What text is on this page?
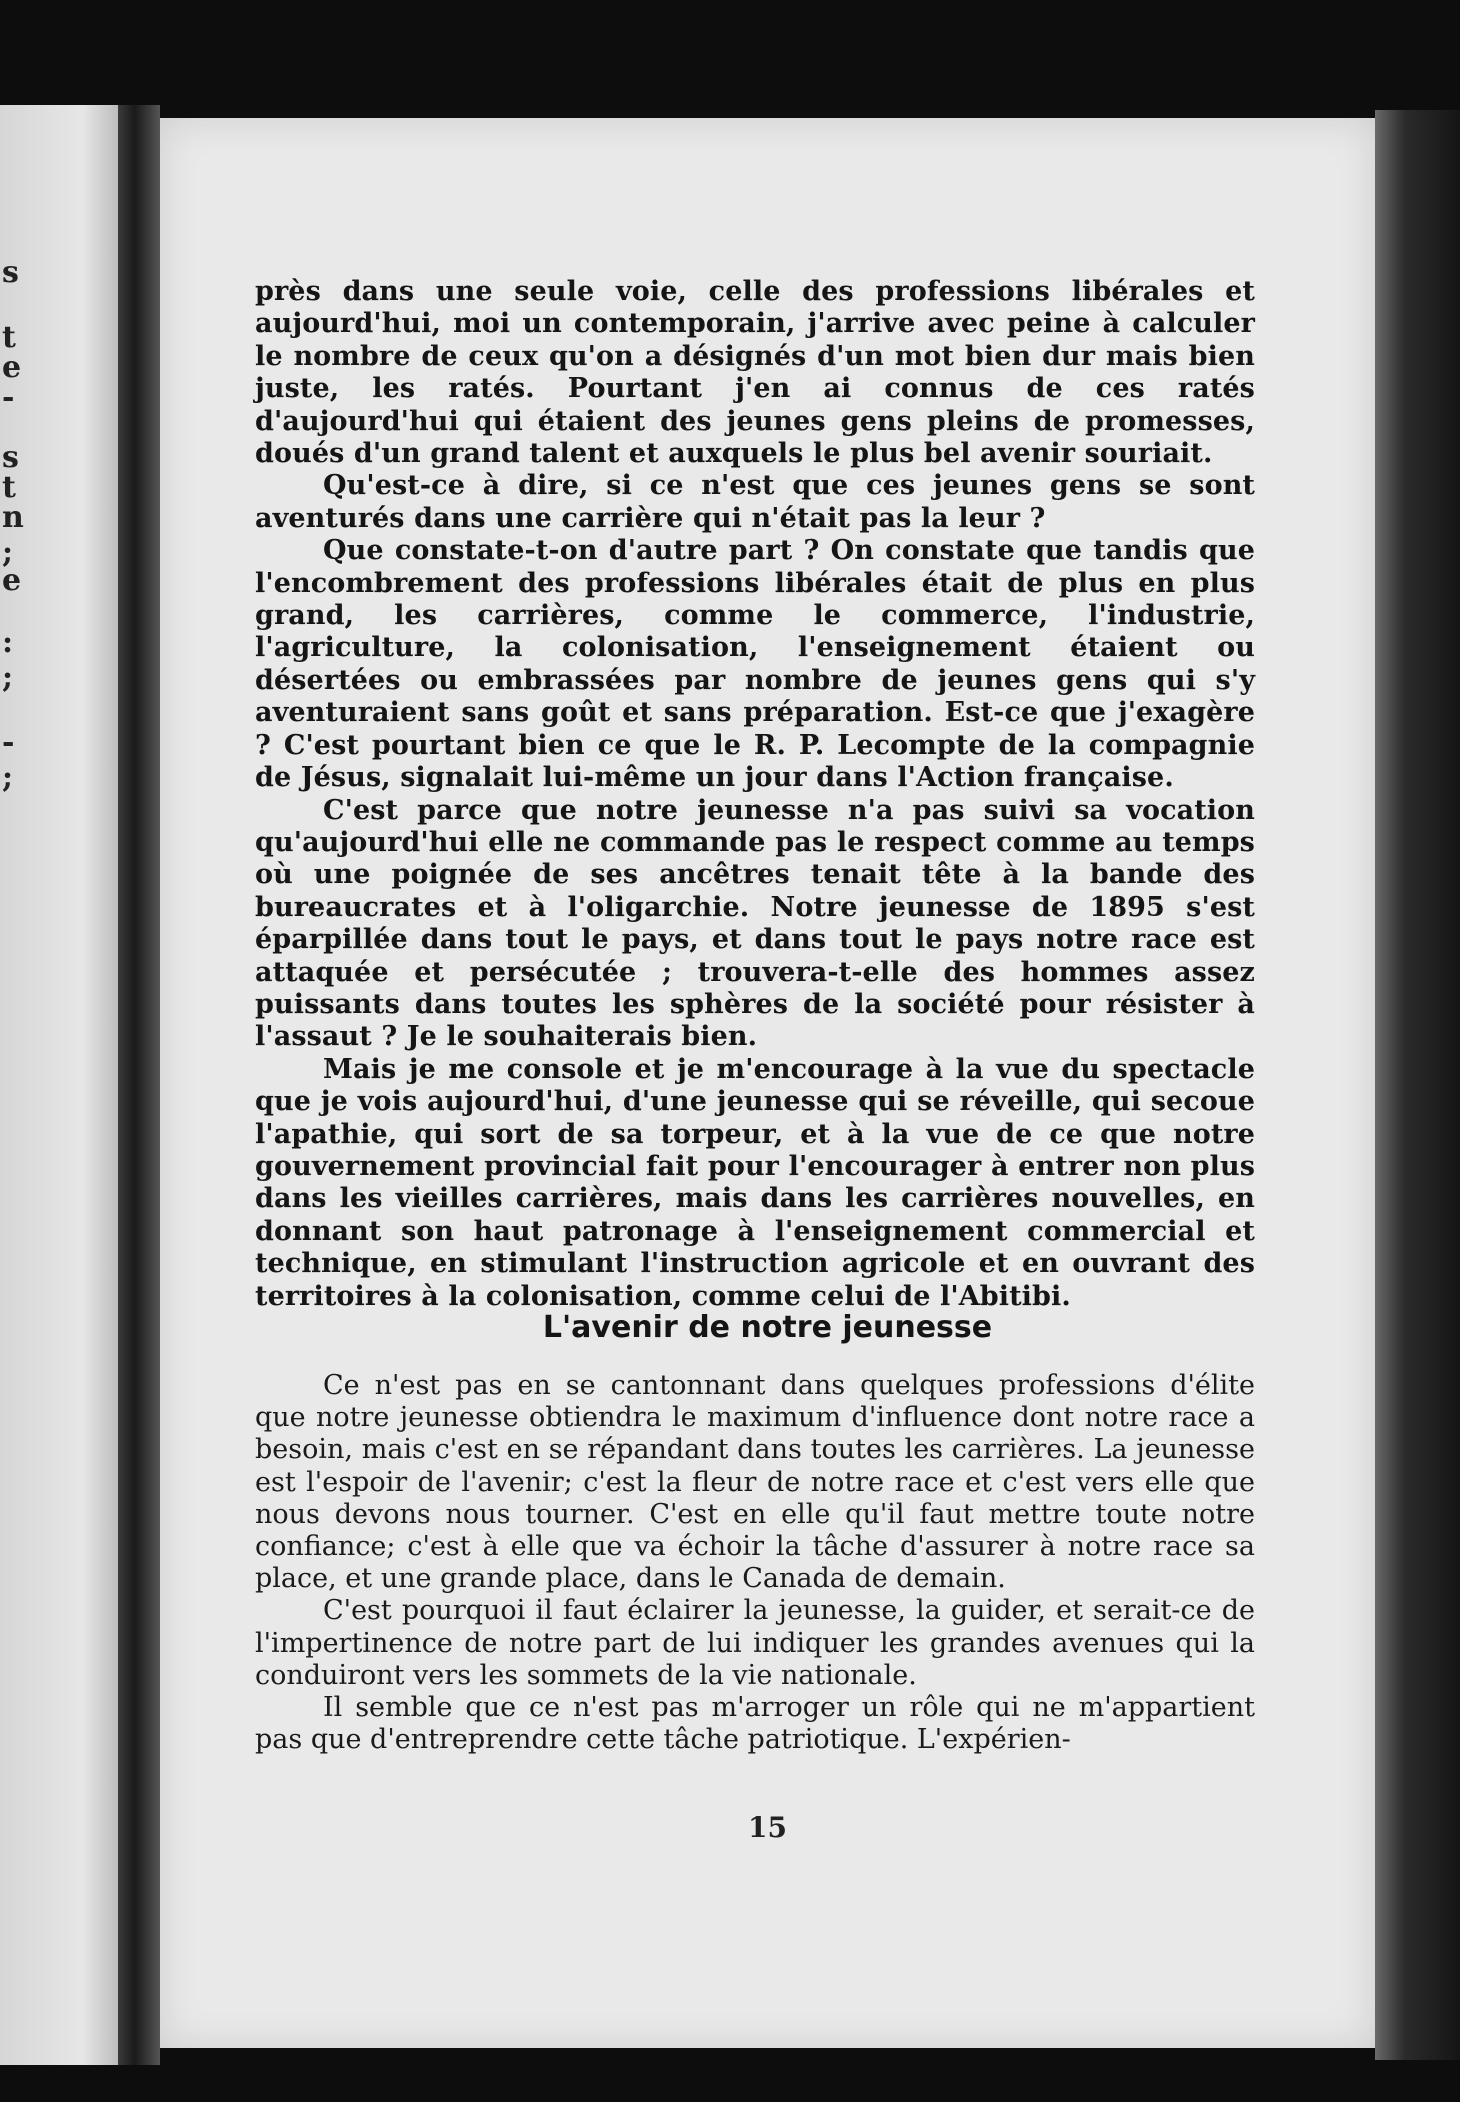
s
t
e
-
s
t
n
;
e
:
;
-
;

près dans une seule voie, celle des professions libérales et aujourd'hui, moi un contemporain, j'arrive avec peine à calculer le nombre de ceux qu'on a désignés d'un mot bien dur mais bien juste, les ratés. Pourtant j'en ai connus de ces ratés d'aujourd'hui qui étaient des jeunes gens pleins de promesses, doués d'un grand talent et auxquels le plus bel avenir souriait.

Qu'est-ce à dire, si ce n'est que ces jeunes gens se sont aventurés dans une carrière qui n'était pas la leur ?

Que constate-t-on d'autre part ? On constate que tandis que l'encombrement des professions libérales était de plus en plus grand, les carrières, comme le commerce, l'industrie, l'agriculture, la colonisation, l'enseignement étaient ou désertées ou embrassées par nombre de jeunes gens qui s'y aventuraient sans goût et sans préparation. Est-ce que j'exagère ? C'est pourtant bien ce que le R. P. Lecompte de la compagnie de Jésus, signalait lui-même un jour dans l'Action française.

C'est parce que notre jeunesse n'a pas suivi sa vocation qu'aujourd'hui elle ne commande pas le respect comme au temps où une poignée de ses ancêtres tenait tête à la bande des bureaucrates et à l'oligarchie. Notre jeunesse de 1895 s'est éparpillée dans tout le pays, et dans tout le pays notre race est attaquée et persécutée ; trouvera-t-elle des hommes assez puissants dans toutes les sphères de la société pour résister à l'assaut ? Je le souhaiterais bien.

Mais je me console et je m'encourage à la vue du spectacle que je vois aujourd'hui, d'une jeunesse qui se réveille, qui secoue l'apathie, qui sort de sa torpeur, et à la vue de ce que notre gouvernement provincial fait pour l'encourager à entrer non plus dans les vieilles carrières, mais dans les carrières nouvelles, en donnant son haut patronage à l'enseignement commercial et technique, en stimulant l'instruction agricole et en ouvrant des territoires à la colonisation, comme celui de l'Abitibi.

L'avenir de notre jeunesse

Ce n'est pas en se cantonnant dans quelques professions d'élite que notre jeunesse obtiendra le maximum d'influence dont notre race a besoin, mais c'est en se répandant dans toutes les carrières. La jeunesse est l'espoir de l'avenir; c'est la fleur de notre race et c'est vers elle que nous devons nous tourner. C'est en elle qu'il faut mettre toute notre confiance; c'est à elle que va échoir la tâche d'assurer à notre race sa place, et une grande place, dans le Canada de demain.

C'est pourquoi il faut éclairer la jeunesse, la guider, et serait-ce de l'impertinence de notre part de lui indiquer les grandes avenues qui la conduiront vers les sommets de la vie nationale.

Il semble que ce n'est pas m'arroger un rôle qui ne m'appartient pas que d'entreprendre cette tâche patriotique. L'expérien-

15
